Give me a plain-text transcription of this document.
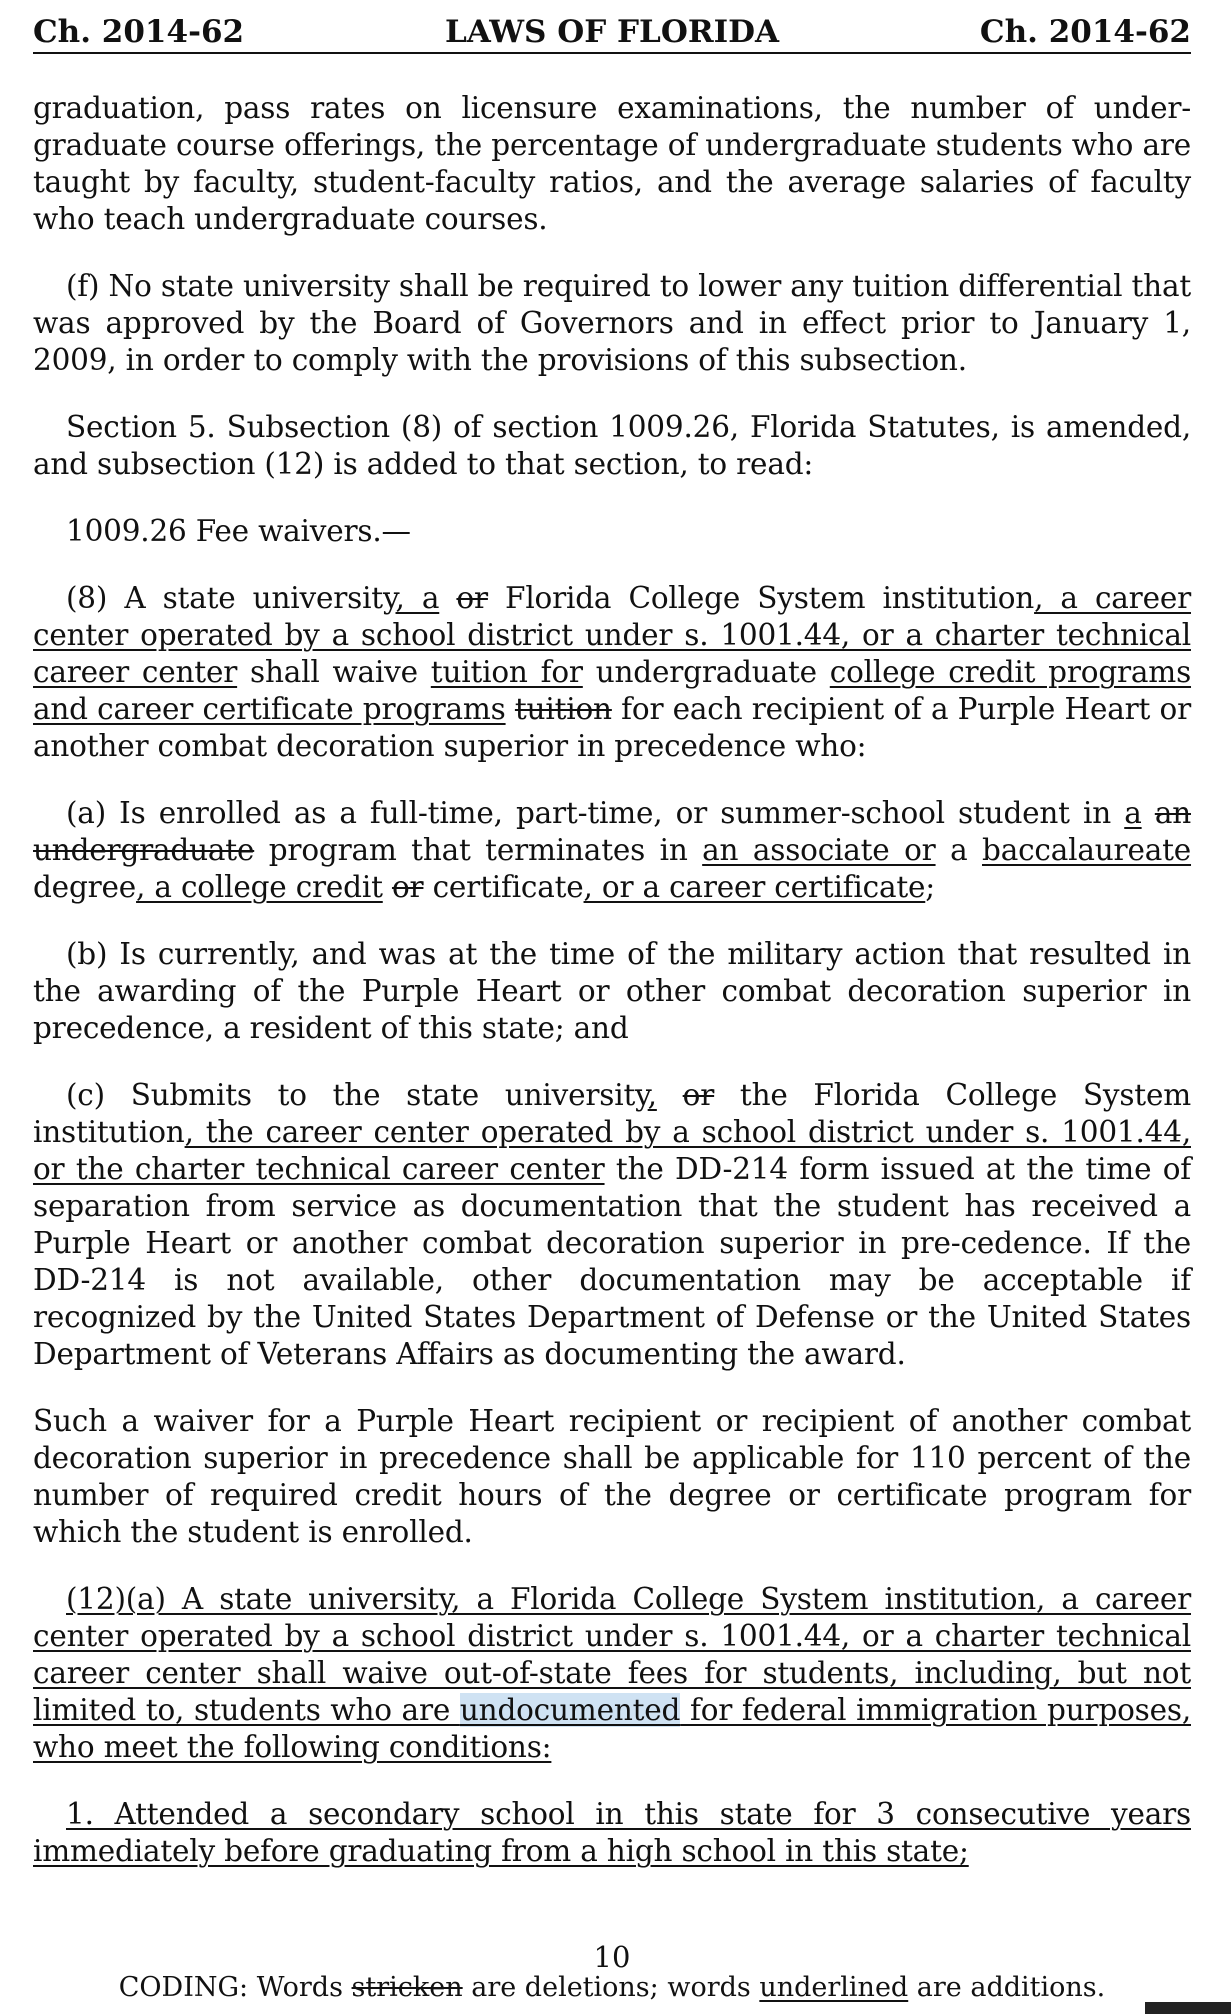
Ch. 2014-62	LAWS OF FLORIDA	Ch. 2014-62

graduation, pass rates on licensure examinations, the number of under-graduate course offerings, the percentage of undergraduate students who are taught by faculty, student-faculty ratios, and the average salaries of faculty who teach undergraduate courses.

(f) No state university shall be required to lower any tuition differential that was approved by the Board of Governors and in effect prior to January 1, 2009, in order to comply with the provisions of this subsection.

Section 5. Subsection (8) of section 1009.26, Florida Statutes, is amended, and subsection (12) is added to that section, to read:

1009.26 Fee waivers.—

(8) A state university, a or Florida College System institution, a career center operated by a school district under s. 1001.44, or a charter technical career center shall waive tuition for undergraduate college credit programs and career certificate programs tuition for each recipient of a Purple Heart or another combat decoration superior in precedence who:

(a) Is enrolled as a full-time, part-time, or summer-school student in a an undergraduate program that terminates in an associate or a baccalaureate degree, a college credit or certificate, or a career certificate;

(b) Is currently, and was at the time of the military action that resulted in the awarding of the Purple Heart or other combat decoration superior in precedence, a resident of this state; and

(c) Submits to the state university, or the Florida College System institution, the career center operated by a school district under s. 1001.44, or the charter technical career center the DD-214 form issued at the time of separation from service as documentation that the student has received a Purple Heart or another combat decoration superior in pre-cedence. If the DD-214 is not available, other documentation may be acceptable if recognized by the United States Department of Defense or the United States Department of Veterans Affairs as documenting the award.

Such a waiver for a Purple Heart recipient or recipient of another combat decoration superior in precedence shall be applicable for 110 percent of the number of required credit hours of the degree or certificate program for which the student is enrolled.

(12)(a) A state university, a Florida College System institution, a career center operated by a school district under s. 1001.44, or a charter technical career center shall waive out-of-state fees for students, including, but not limited to, students who are undocumented for federal immigration purposes, who meet the following conditions:

1. Attended a secondary school in this state for 3 consecutive years immediately before graduating from a high school in this state;

10
CODING: Words stricken are deletions; words underlined are additions.
